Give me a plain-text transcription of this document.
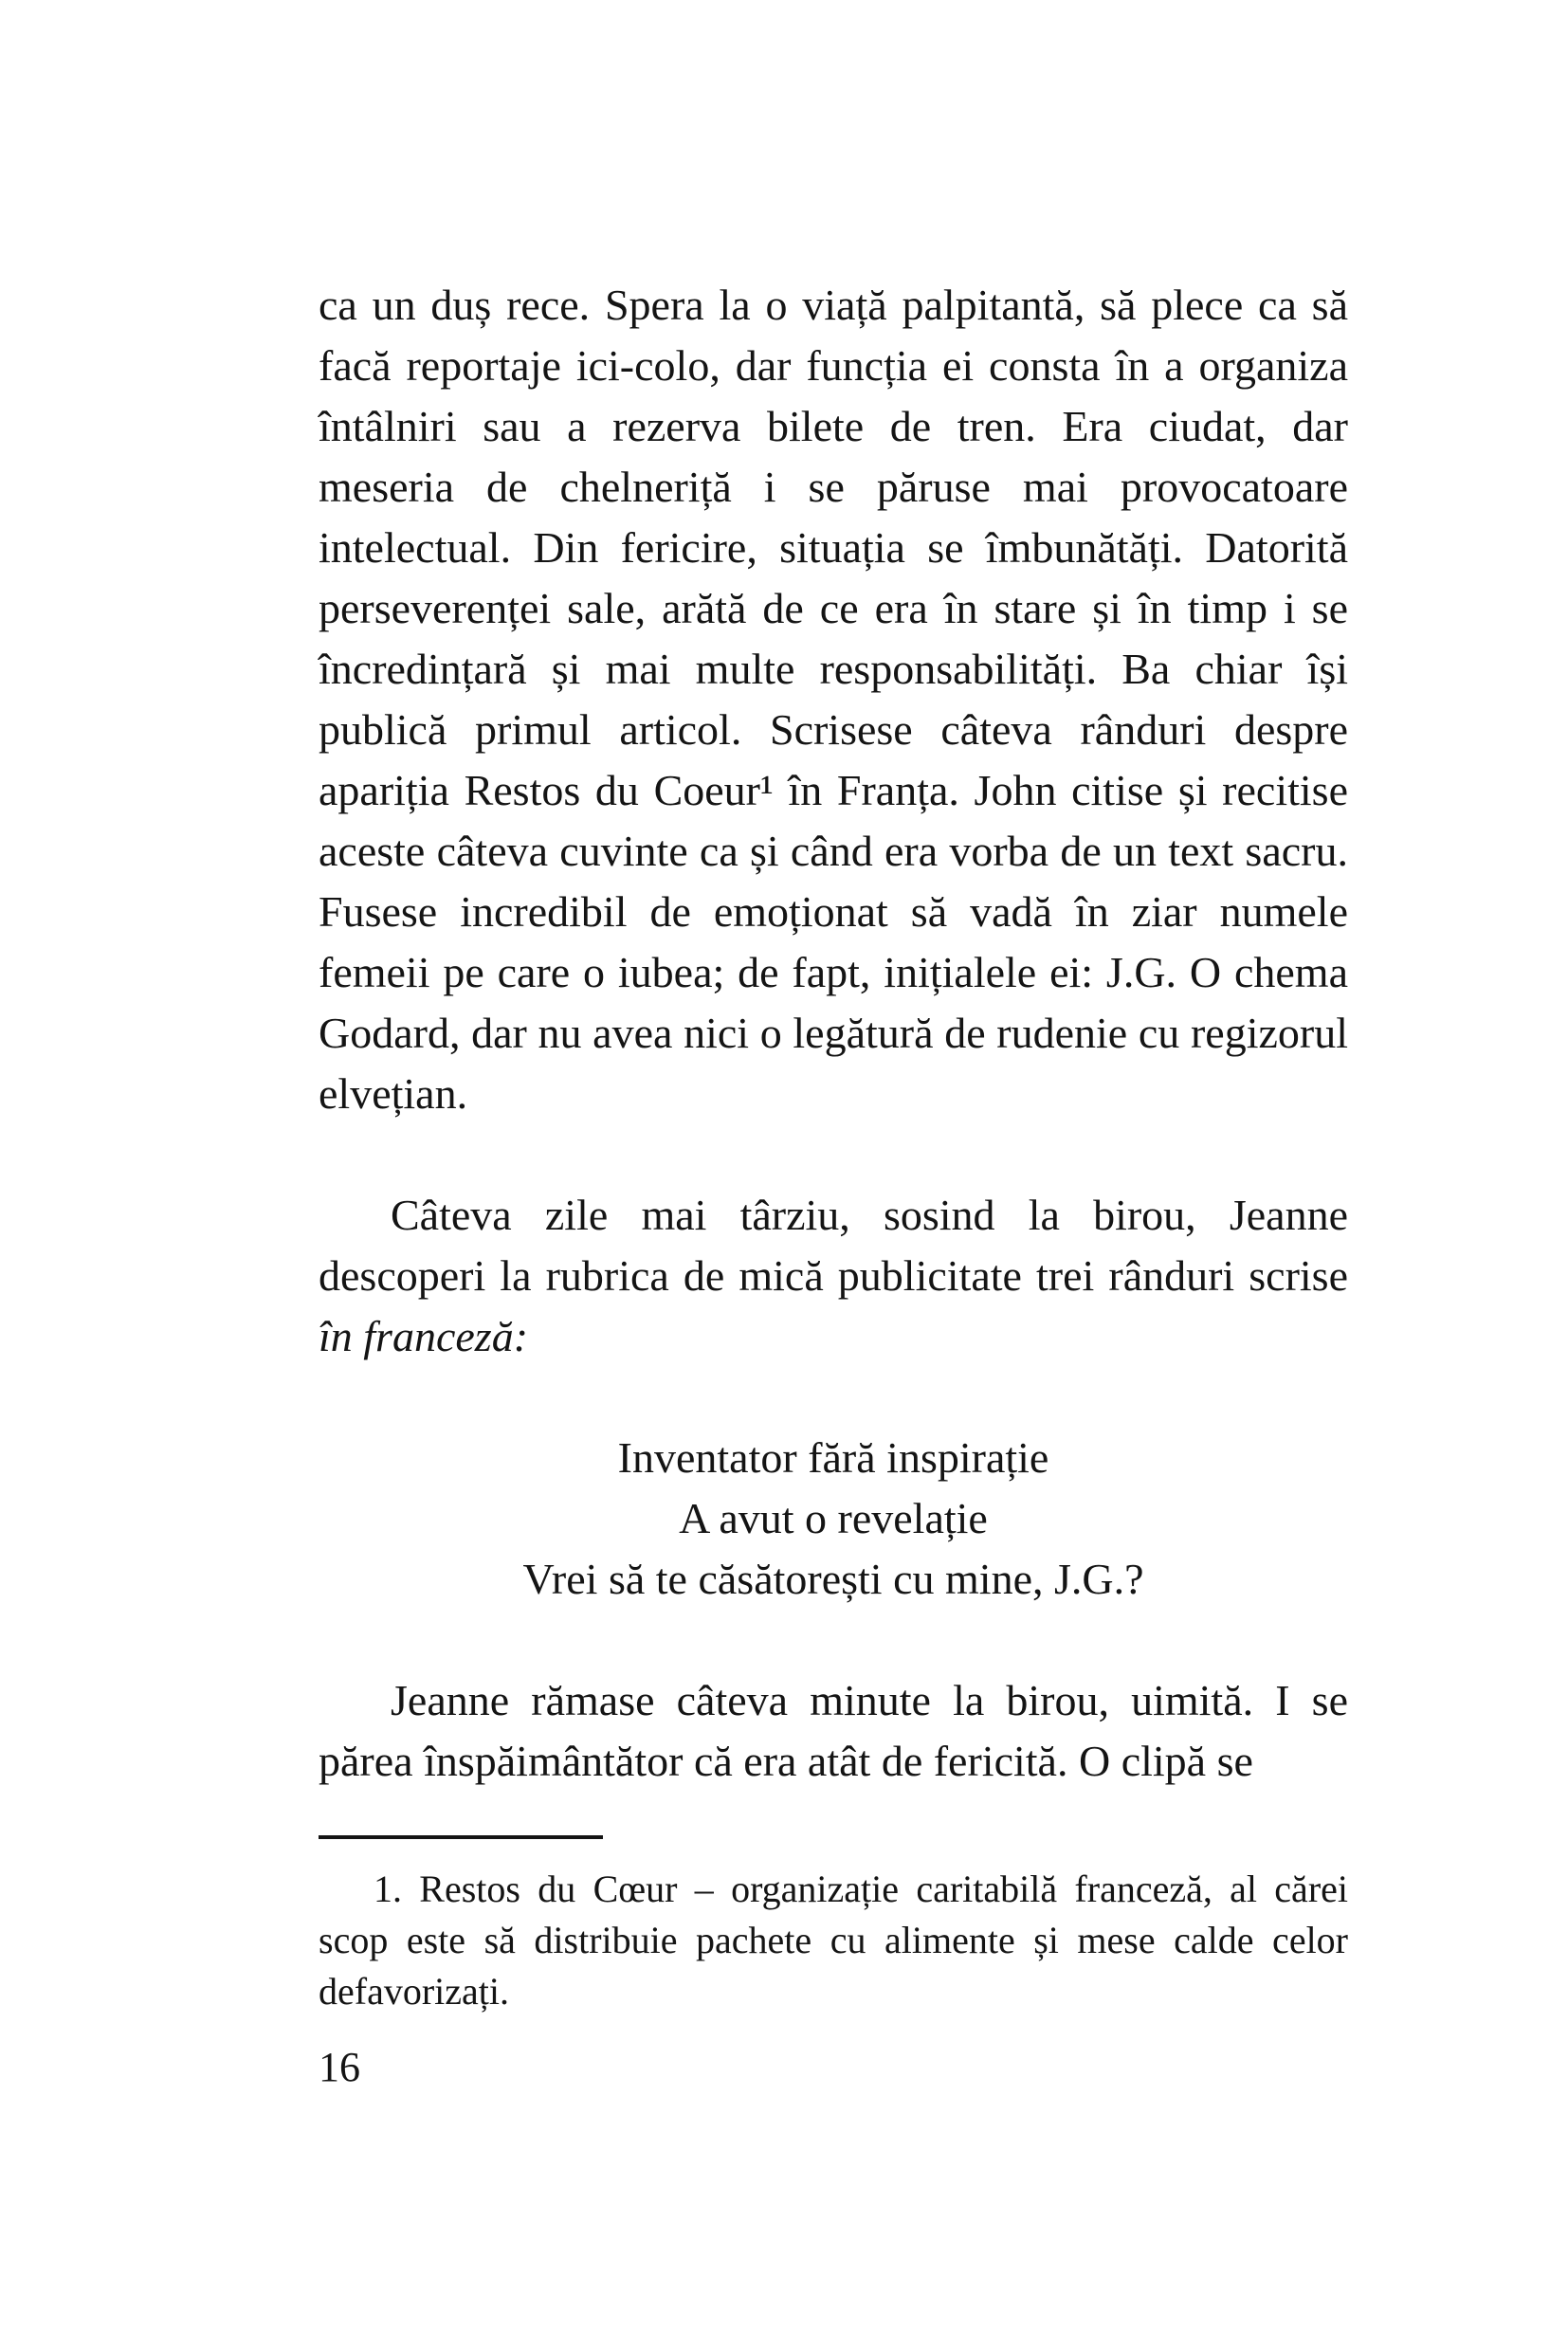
ca un duș rece. Spera la o viață palpitantă, să plece ca să facă reportaje ici-colo, dar funcția ei consta în a organiza întâlniri sau a rezerva bilete de tren. Era ciudat, dar meseria de chelneriță i se păruse mai provocatoare intelectual. Din fericire, situația se îmbunătăți. Datorită perseverenței sale, arătă de ce era în stare și în timp i se încredințară și mai multe responsabilități. Ba chiar își publică primul articol. Scrisese câteva rânduri despre apariția Restos du Coeur¹ în Franța. John citise și recitise aceste câteva cuvinte ca și când era vorba de un text sacru. Fusese incredibil de emoționat să vadă în ziar numele femeii pe care o iubea; de fapt, inițialele ei: J.G. O chema Godard, dar nu avea nici o legătură de rudenie cu regizorul elvețian.

Câteva zile mai târziu, sosind la birou, Jeanne descoperi la rubrica de mică publicitate trei rânduri scrise în franceză:

Inventator fără inspirație

A avut o revelație

Vrei să te căsătorești cu mine, J.G.?

Jeanne rămase câteva minute la birou, uimită. I se părea înspăimântător că era atât de fericită. O clipă se

1. Restos du Cœur – organizație caritabilă franceză, al cărei scop este să distribuie pachete cu alimente și mese calde celor defavorizați.

16
